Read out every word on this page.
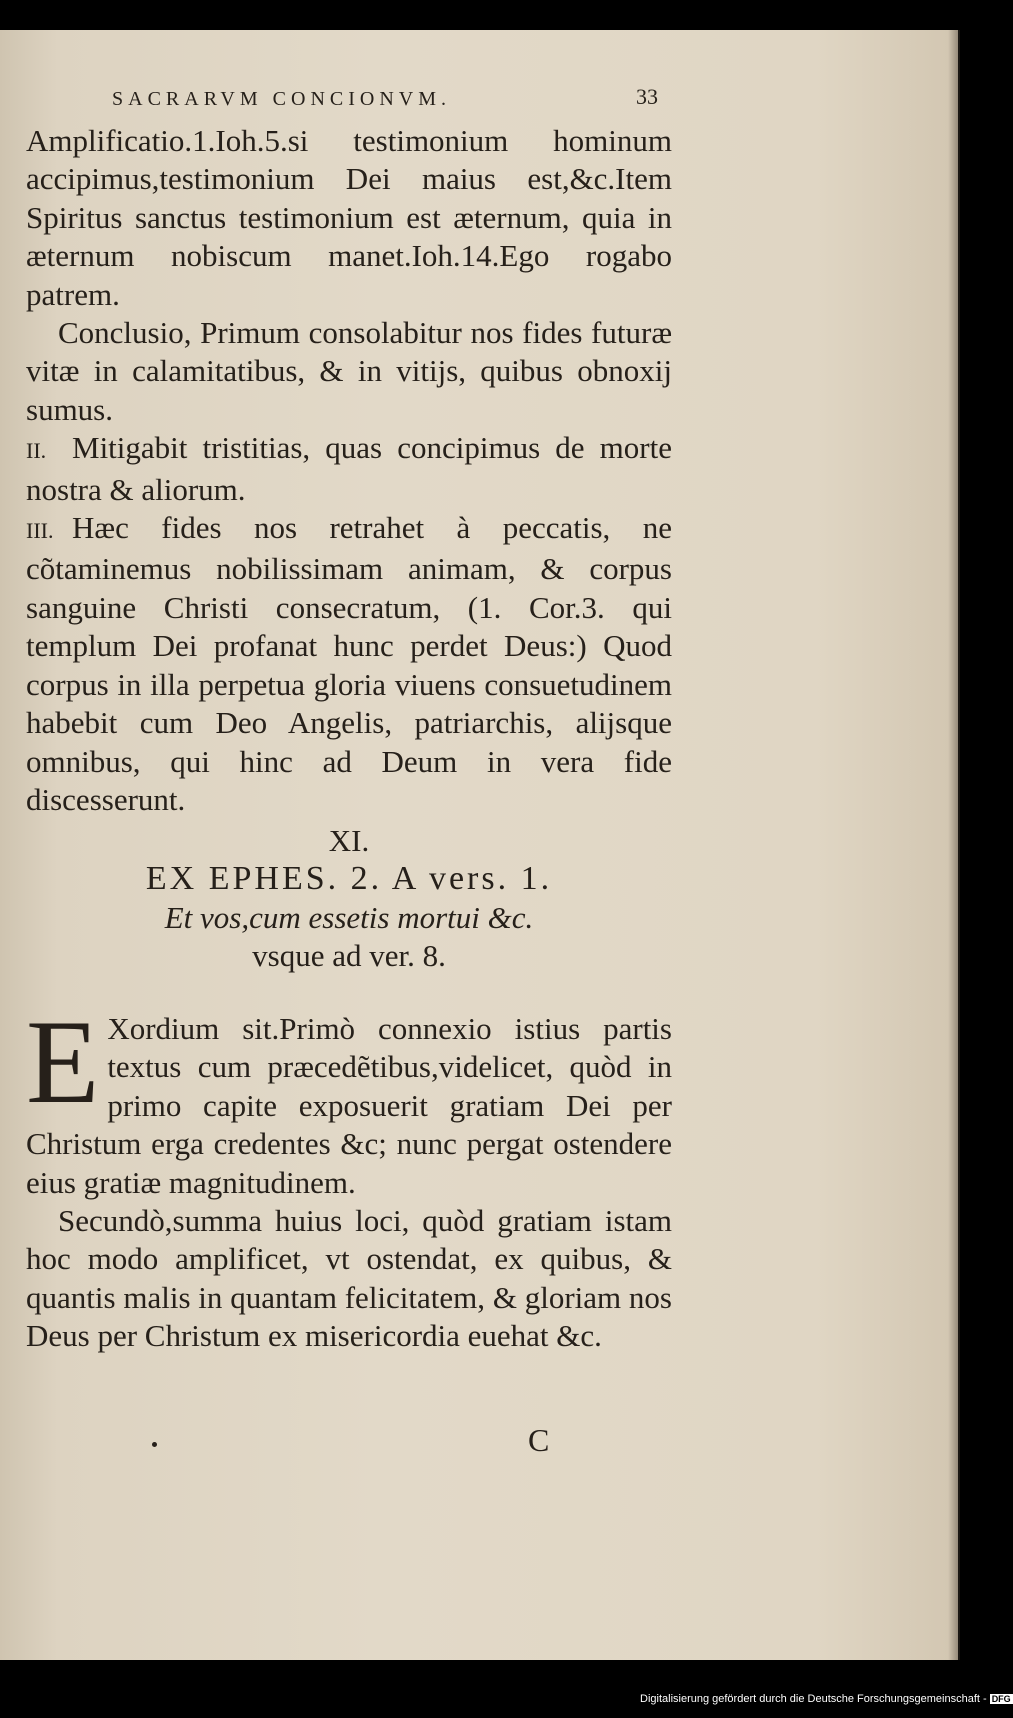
SACRARVM CONCIONVM.	33

Amplificatio.1.Ioh.5.si testimonium hominum accipimus,testimonium Dei maius est,&c.Item Spiritus sanctus testimonium est æternum, quia in æternum nobiscum manet.Ioh.14.Ego rogabo patrem.

Conclusio, Primum consolabitur nos fides futuræ vitæ in calamitatibus, & in vitijs, quibus obnoxij sumus.

II. Mitigabit tristitias, quas concipimus de morte nostra & aliorum.

III. Hæc fides nos retrahet à peccatis, ne cõtaminemus nobilissimam animam, & corpus sanguine Christi consecratum, (1. Cor.3. qui templum Dei profanat hunc perdet Deus:) Quod corpus in illa perpetua gloria viuens consuetudinem habebit cum Deo Angelis, patriarchis, alijsque omnibus, qui hinc ad Deum in vera fide discesserunt.

XI.

EX EPHES. 2. A vers. 1.

Et vos,cum essetis mortui &c.

vsque ad ver. 8.

E Xordium sit.Primò connexio istius partis textus cum præcedẽtibus,videlicet, quòd in primo capite exposuerit gratiam Dei per Christum erga credentes &c; nunc pergat ostendere eius gratiæ magnitudinem.

Secundò,summa huius loci, quòd gratiam istam hoc modo amplificet, vt ostendat, ex quibus, & quantis malis in quantam felicitatem, & gloriam nos Deus per Christum ex misericordia euehat &c.

C
Digitalisierung gefördert durch die Deutsche Forschungsgemeinschaft - DFG
